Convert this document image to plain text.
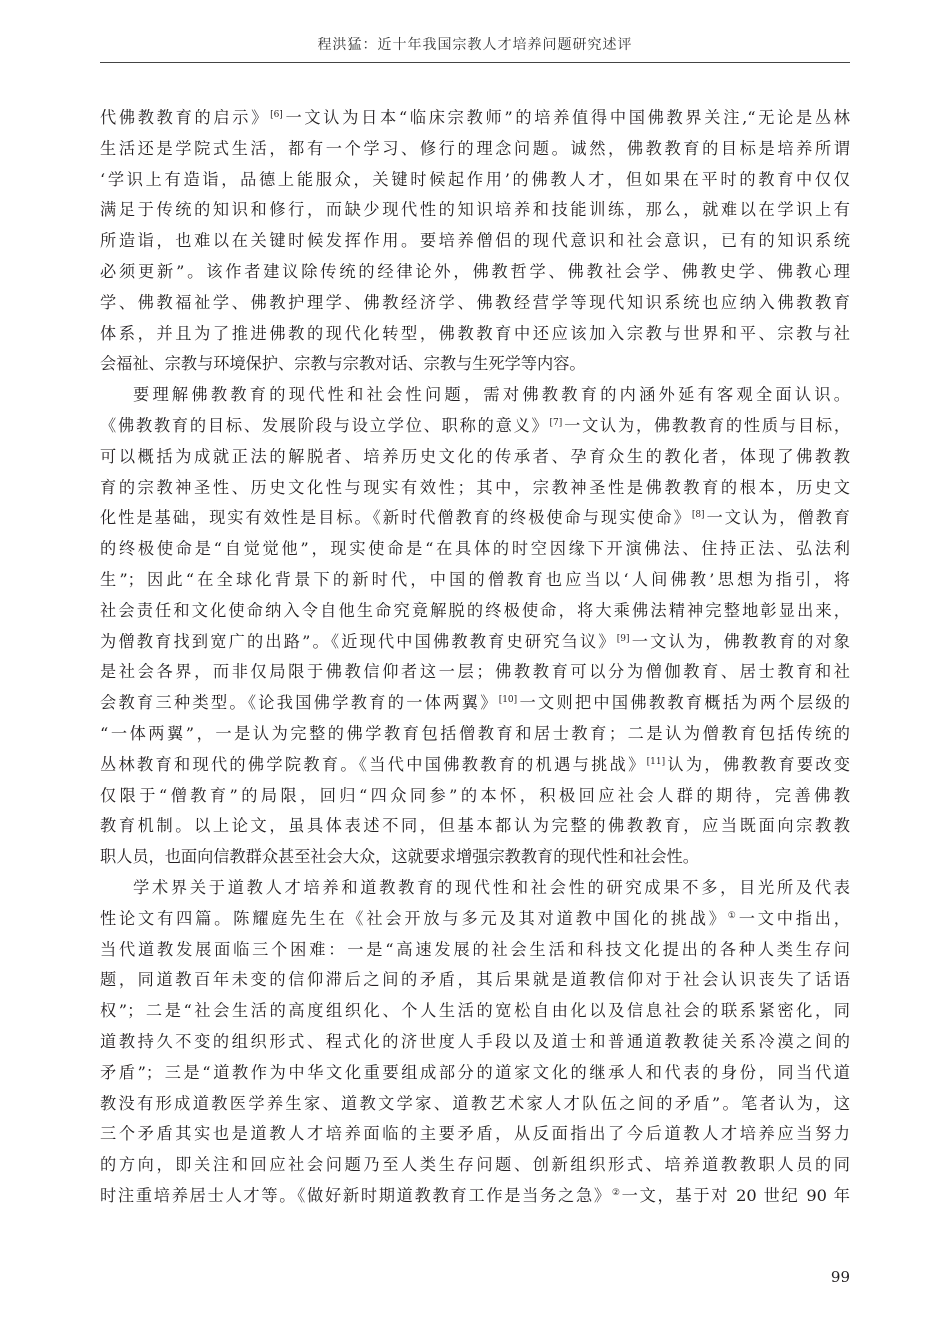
程洪猛：近十年我国宗教人才培养问题研究述评
代佛教教育的启示》[6]一文认为日本“临床宗教师”的培养值得中国佛教界关注,“无论是丛林
生活还是学院式生活，都有一个学习、修行的理念问题。诚然，佛教教育的目标是培养所谓
‘学识上有造诣，品德上能服众，关键时候起作用’的佛教人才，但如果在平时的教育中仅仅
满足于传统的知识和修行，而缺少现代性的知识培养和技能训练，那么，就难以在学识上有
所造诣，也难以在关键时候发挥作用。要培养僧侣的现代意识和社会意识，已有的知识系统
必须更新”。该作者建议除传统的经律论外，佛教哲学、佛教社会学、佛教史学、佛教心理
学、佛教福祉学、佛教护理学、佛教经济学、佛教经营学等现代知识系统也应纳入佛教教育
体系，并且为了推进佛教的现代化转型，佛教教育中还应该加入宗教与世界和平、宗教与社
会福祉、宗教与环境保护、宗教与宗教对话、宗教与生死学等内容。
要理解佛教教育的现代性和社会性问题，需对佛教教育的内涵外延有客观全面认识。
《佛教教育的目标、发展阶段与设立学位、职称的意义》[7]一文认为，佛教教育的性质与目标，
可以概括为成就正法的解脱者、培养历史文化的传承者、孕育众生的教化者，体现了佛教教
育的宗教神圣性、历史文化性与现实有效性；其中，宗教神圣性是佛教教育的根本，历史文
化性是基础，现实有效性是目标。《新时代僧教育的终极使命与现实使命》[8]一文认为，僧教育
的终极使命是“自觉觉他”，现实使命是“在具体的时空因缘下开演佛法、住持正法、弘法利
生”；因此“在全球化背景下的新时代，中国的僧教育也应当以‘人间佛教’思想为指引，将
社会责任和文化使命纳入令自他生命究竟解脱的终极使命，将大乘佛法精神完整地彰显出来，
为僧教育找到宽广的出路”。《近现代中国佛教教育史研究刍议》[9]一文认为，佛教教育的对象
是社会各界，而非仅局限于佛教信仰者这一层；佛教教育可以分为僧伽教育、居士教育和社
会教育三种类型。《论我国佛学教育的一体两翼》[10]一文则把中国佛教教育概括为两个层级的
“一体两翼”，一是认为完整的佛学教育包括僧教育和居士教育；二是认为僧教育包括传统的
丛林教育和现代的佛学院教育。《当代中国佛教教育的机遇与挑战》[11]认为，佛教教育要改变
仅限于“僧教育”的局限，回归“四众同参”的本怀，积极回应社会人群的期待，完善佛教
教育机制。以上论文，虽具体表述不同，但基本都认为完整的佛教教育，应当既面向宗教教
职人员，也面向信教群众甚至社会大众，这就要求增强宗教教育的现代性和社会性。
学术界关于道教人才培养和道教教育的现代性和社会性的研究成果不多，目光所及代表
性论文有四篇。陈耀庭先生在《社会开放与多元及其对道教中国化的挑战》①一文中指出，
当代道教发展面临三个困难：一是“高速发展的社会生活和科技文化提出的各种人类生存问
题，同道教百年未变的信仰滞后之间的矛盾，其后果就是道教信仰对于社会认识丧失了话语
权”；二是“社会生活的高度组织化、个人生活的宽松自由化以及信息社会的联系紧密化，同
道教持久不变的组织形式、程式化的济世度人手段以及道士和普通道教教徒关系冷漠之间的
矛盾”；三是“道教作为中华文化重要组成部分的道家文化的继承人和代表的身份，同当代道
教没有形成道教医学养生家、道教文学家、道教艺术家人才队伍之间的矛盾”。笔者认为，这
三个矛盾其实也是道教人才培养面临的主要矛盾，从反面指出了今后道教人才培养应当努力
的方向，即关注和回应社会问题乃至人类生存问题、创新组织形式、培养道教教职人员的同
时注重培养居士人才等。《做好新时期道教教育工作是当务之急》②一文，基于对 20 世纪 90 年
99
